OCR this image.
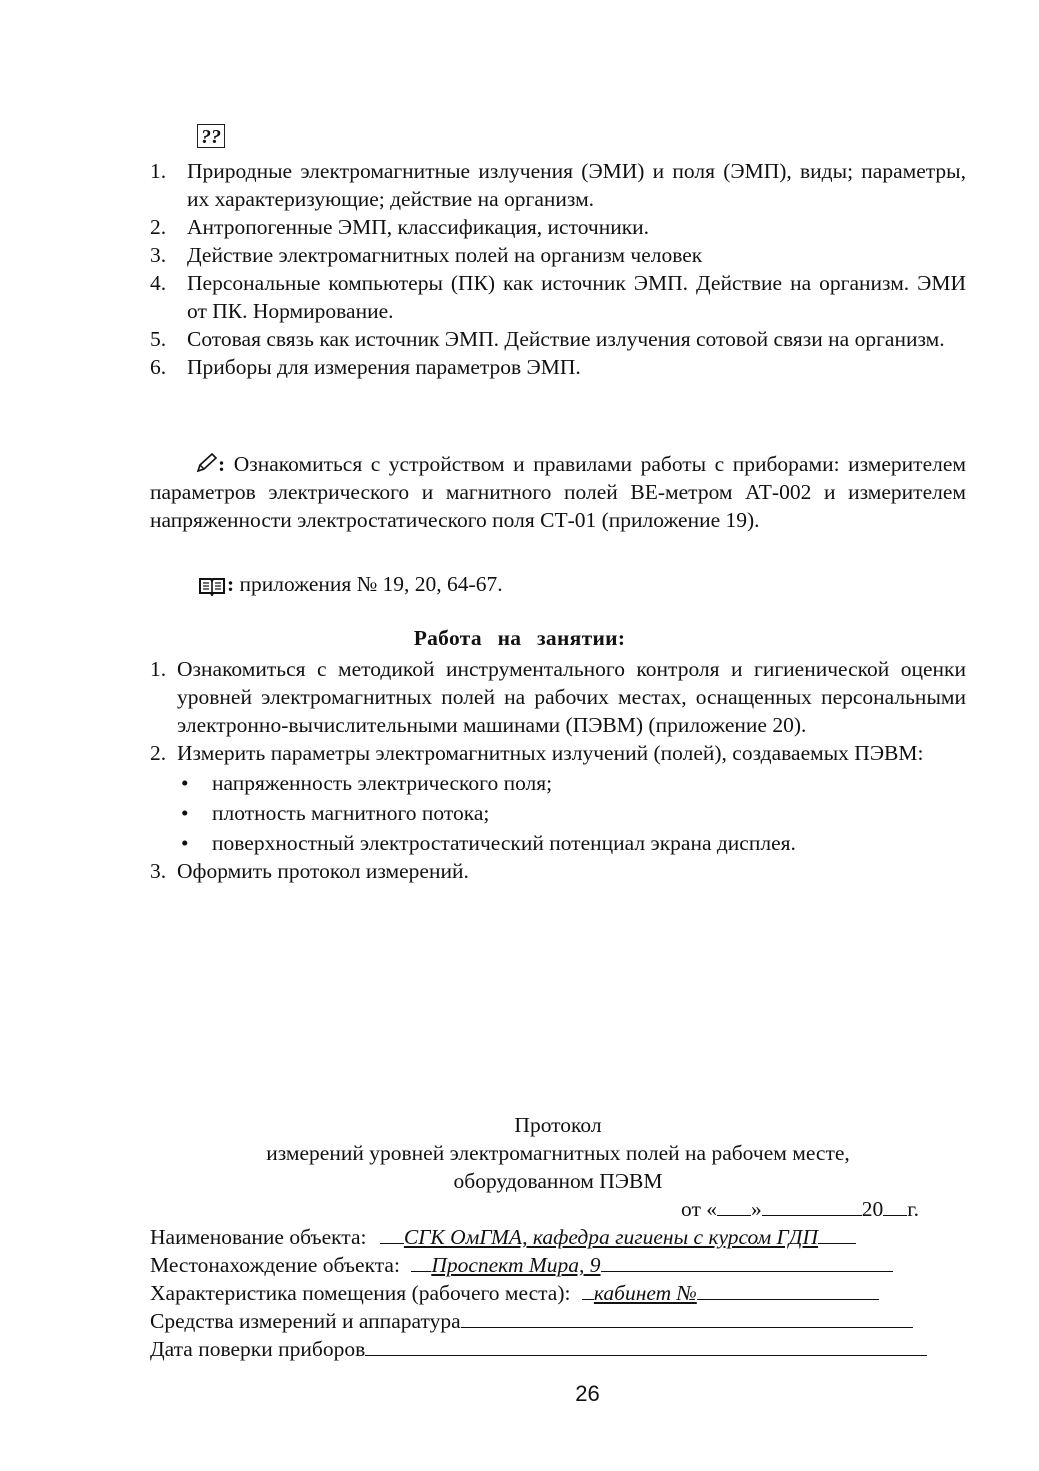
??
1. Природные электромагнитные излучения (ЭМИ) и поля (ЭМП), виды; параметры, их характеризующие; действие на организм.
2. Антропогенные ЭМП, классификация, источники.
3. Действие электромагнитных полей на организм человек
4. Персональные компьютеры (ПК) как источник ЭМП. Действие на организм. ЭМИ от ПК. Нормирование.
5. Сотовая связь как источник ЭМП. Действие излучения сотовой связи на организм.
6. Приборы для измерения параметров ЭМП.
: Ознакомиться с устройством и правилами работы с приборами: измерителем параметров электрического и магнитного полей ВЕ-метром АТ-002 и измерителем напряженности электростатического поля СТ-01 (приложение 19).
: приложения № 19, 20, 64-67.
Работа на занятии:
1. Ознакомиться с методикой инструментального контроля и гигиенической оценки уровней электромагнитных полей на рабочих местах, оснащенных персональными электронно-вычислительными машинами (ПЭВМ) (приложение 20).
2. Измерить параметры электромагнитных излучений (полей), создаваемых ПЭВМ:
• напряженность электрического поля;
• плотность магнитного потока;
• поверхностный электростатический потенциал экрана дисплея.
3. Оформить протокол измерений.
Протокол
измерений уровней электромагнитных полей на рабочем месте,
оборудованном ПЭВМ
от « »	20 г.
Наименование объекта: СГК ОмГМА, кафедра гигиены с курсом ГДП
Местонахождение объекта: Проспект Мира, 9
Характеристика помещения (рабочего места): кабинет №
Средства измерений и аппаратура
Дата поверки приборов
26
